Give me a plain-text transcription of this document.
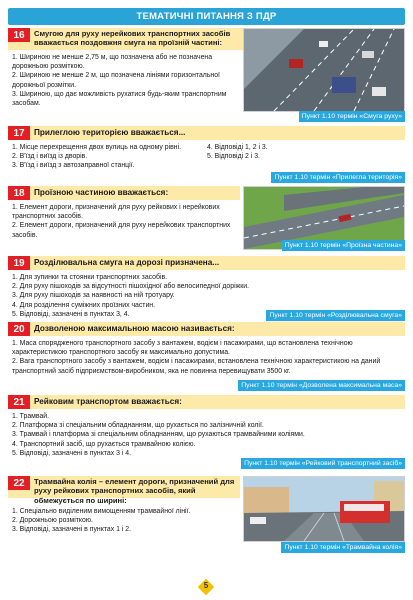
ТЕМАТИЧНІ ПИТАННЯ З ПДР
16	Смугою для руху нерейкових транспортних засобів вважається поздовжня смуга на проїзній частині:
1. Шириною не менше 2,75 м, що позначена або не позначена дорожньою розміткою.
2. Шириною не менше 2 м, що позначена лініями горизонтальної дорожньої розмітки.
3. Шириною, що дає можливість рухатися будь-яким транспортним засобам.
Пункт 1.10 термін «Смуга руху»
17	Прилеглою територією вважається...
1. Місце перехрещення двох вулиць на одному рівні.
2. В'їзд і виїзд із дворів.
3. В'їзд і виїзд з автозаправної станції.
4. Відповіді 1, 2 і 3.
5. Відповіді 2 і 3.
Пункт 1.10 термін «Прилегла територія»
18	Проїзною частиною вважається:
1. Елемент дороги, призначений для руху рейкових і нерейкових транспортних засобів.
2. Елемент дороги, призначений для руху нерейкових транспортних засобів.
Пункт 1.10 термін «Проїзна частина»
19	Розділювальна смуга на дорозі призначена...
1. Для зупинки та стоянки транспортних засобів.
2. Для руху пішоходів за відсутності пішохідної або велосипедної доріжки.
3. Для руху пішоходів за наявності на ній тротуару.
4. Для розділення суміжних проїзних частин.
5. Відповіді, зазначені в пунктах 3, 4.	Пункт 1.10 термін «Розділювальна смуга»
20	Дозволеною максимальною масою називається:
1. Маса спорядженого транспортного засобу з вантажем, водієм і пасажирами, що встановлена технічною характеристикою транспортного засобу як максимально допустима.
2. Вага транспортного засобу з вантажем, водієм і пасажирами, встановлена технічною характеристикою на даний транспортний засіб підприємством-виробником, яка не повинна перевищувати 3500 кг.
Пункт 1.10 термін «Дозволена максимальна маса»
21	Рейковим транспортом вважається:
1. Трамвай.
2. Платформа зі спеціальним обладнанням, що рухається по залізничній колії.
3. Трамвай і платформа зі спеціальним обладнанням, що рухаються трамвайними коліями.
4. Транспортний засіб, що рухається трамвайною колією.
5. Відповіді, зазначені в пунктах 3 і 4.
Пункт 1.10 термін «Рейковий транспортний засіб»
22	Трамвайна колія – елемент дороги, призначений для руху рейкових транспортних засобів, який обмежується по ширині:
1. Спеціально виділеним вимощенням трамвайної лінії.
2. Дорожньою розміткою.
3. Відповіді, зазначені в пунктах 1 і 2.
Пункт 1.10 термін «Трамвайна колія»
5
